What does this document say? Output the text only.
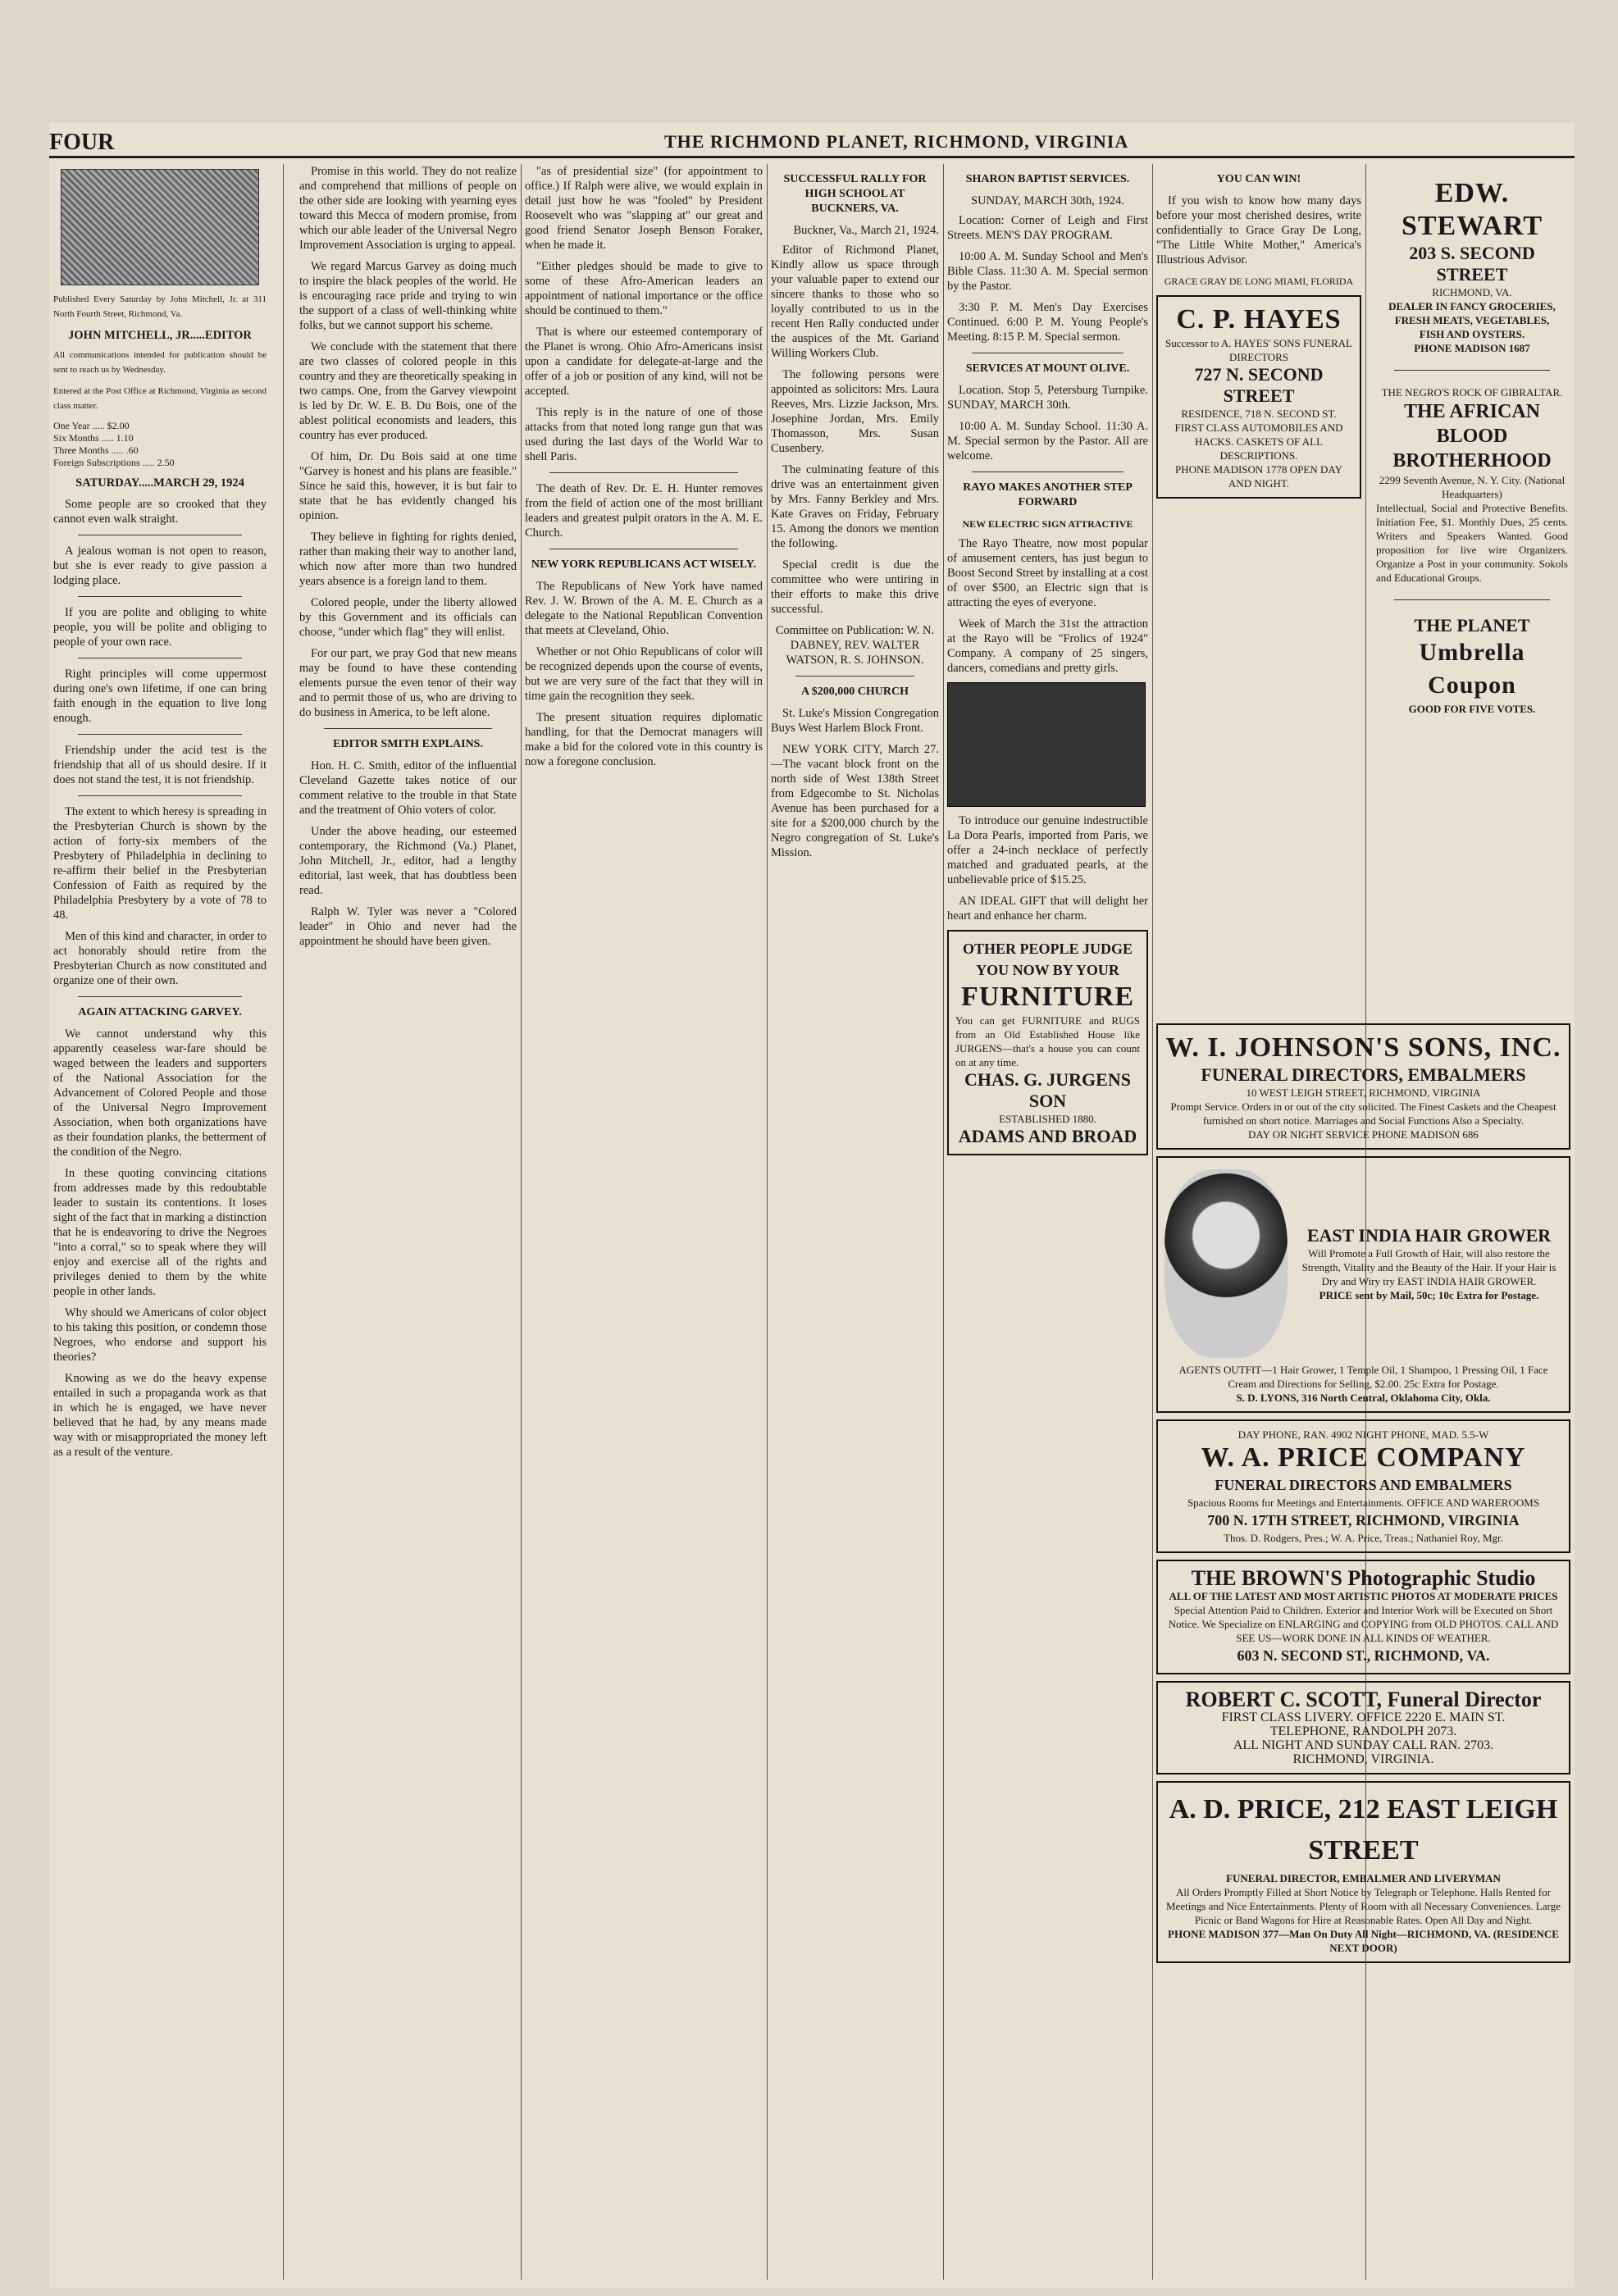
FOUR	THE RICHMOND PLANET, RICHMOND, VIRGINIA

Published Every Saturday by John Mitchell, Jr. at 311 North Fourth Street, Richmond, Va.

JOHN MITCHELL, JR.....EDITOR

All communications intended for publication should be sent to reach us by Wednesday.

Entered at the Post Office at Richmond, Virginia as second class matter.

One Year ..... $2.00
Six Months ..... 1.10
Three Months ..... .60
Foreign Subscriptions ..... 2.50
SATURDAY.....MARCH 29, 1924

Some people are so crooked that they cannot even walk straight.

A jealous woman is not open to reason, but she is ever ready to give passion a lodging place.

If you are polite and obliging to white people, you will be polite and obliging to people of your own race.

Right principles will come uppermost during one's own lifetime, if one can bring faith enough in the equation to live long enough.

Friendship under the acid test is the friendship that all of us should desire. If it does not stand the test, it is not friendship.

The extent to which heresy is spreading in the Presbyterian Church is shown by the action of forty-six members of the Presbytery of Philadelphia in declining to re-affirm their belief in the Presbyterian Confession of Faith as required by the Philadelphia Presbytery by a vote of 78 to 48.

Men of this kind and character, in order to act honorably should retire from the Presbyterian Church as now constituted and organize one of their own.

AGAIN ATTACKING GARVEY.

We cannot understand why this apparently ceaseless war-fare should be waged between the leaders and supporters of the National Association for the Advancement of Colored People and those of the Universal Negro Improvement Association, when both organizations have as their foundation planks, the betterment of the condition of the Negro.

In these quoting convincing citations from addresses made by this redoubtable leader to sustain its contentions. It loses sight of the fact that in marking a distinction that he is endeavoring to drive the Negroes "into a corral," so to speak where they will enjoy and exercise all of the rights and privileges denied to them by the white people in other lands.

Why should we Americans of color object to his taking this position, or condemn those Negroes, who endorse and support his theories?

Knowing as we do the heavy expense entailed in such a propaganda work as that in which he is engaged, we have never believed that he had, by any means made way with or misappropriated the money left as a result of the venture.

Promise in this world. They do not realize and comprehend that millions of people on the other side are looking with yearning eyes toward this Mecca of modern promise, from which our able leader of the Universal Negro Improvement Association is urging to appeal.

We regard Marcus Garvey as doing much to inspire the black peoples of the world. He is encouraging race pride and trying to win the support of a class of well-thinking white folks, but we cannot support his scheme.

We conclude with the statement that there are two classes of colored people in this country and they are theoretically speaking in two camps. One, from the Garvey viewpoint is led by Dr. W. E. B. Du Bois, one of the ablest political economists and leaders, this country has ever produced.

Of him, Dr. Du Bois said at one time "Garvey is honest and his plans are feasible." Since he said this, however, it is but fair to state that he has evidently changed his opinion.

They believe in fighting for rights denied, rather than making their way to another land, which now after more than two hundred years absence is a foreign land to them.

Colored people, under the liberty allowed by this Government and its officials can choose, "under which flag" they will enlist.

For our part, we pray God that new means may be found to have these contending elements pursue the even tenor of their way and to permit those of us, who are driving to do business in America, to be left alone.

EDITOR SMITH EXPLAINS.

Hon. H. C. Smith, editor of the influential Cleveland Gazette takes notice of our comment relative to the trouble in that State and the treatment of Ohio voters of color.

Under the above heading, our esteemed contemporary, the Richmond (Va.) Planet, John Mitchell, Jr., editor, had a lengthy editorial, last week, that has doubtless been read.

Ralph W. Tyler was never a "Colored leader" in Ohio and never had the appointment he should have been given.

"as of presidential size" (for appointment to office.) If Ralph were alive, we would explain in detail just how he was "fooled" by President Roosevelt who was "slapping at" our great and good friend Senator Joseph Benson Foraker, when he made it.

"Either pledges should be made to give to some of these Afro-American leaders an appointment of national importance or the office should be continued to them."

That is where our esteemed contemporary of the Planet is wrong. Ohio Afro-Americans insist upon a candidate for delegate-at-large and the offer of a job or position of any kind, will not be accepted.

This reply is in the nature of one of those attacks from that noted long range gun that was used during the last days of the World War to shell Paris.

The death of Rev. Dr. E. H. Hunter removes from the field of action one of the most brilliant leaders and greatest pulpit orators in the A. M. E. Church.

NEW YORK REPUBLICANS ACT WISELY.

The Republicans of New York have named Rev. J. W. Brown of the A. M. E. Church as a delegate to the National Republican Convention that meets at Cleveland, Ohio.

Whether or not Ohio Republicans of color will be recognized depends upon the course of events, but we are very sure of the fact that they will in time gain the recognition they seek.

The present situation requires diplomatic handling, for that the Democrat managers will make a bid for the colored vote in this country is now a foregone conclusion.

SUCCESSFUL RALLY FOR HIGH SCHOOL AT BUCKNERS, VA.
Buckner, Va., March 21, 1924.

Editor of Richmond Planet, Kindly allow us space through your valuable paper to extend our sincere thanks to those who so loyally contributed to us in the recent Hen Rally conducted under the auspices of the Mt. Gariand Willing Workers Club.

The following persons were appointed as solicitors: Mrs. Laura Reeves, Mrs. Lizzie Jackson, Mrs. Josephine Jordan, Mrs. Emily Thomasson, Mrs. Susan Cusenbery.

The culminating feature of this drive was an entertainment given by Mrs. Fanny Berkley and Mrs. Kate Graves on Friday, February 15. Among the donors we mention the following.

Special credit is due the committee who were untiring in their efforts to make this drive successful.

Committee on Publication: W. N. DABNEY, REV. WALTER WATSON, R. S. JOHNSON.

A $200,000 CHURCH

St. Luke's Mission Congregation Buys West Harlem Block Front.

NEW YORK CITY, March 27.—The vacant block front on the north side of West 138th Street from Edgecombe to St. Nicholas Avenue has been purchased for a site for a $200,000 church by the Negro congregation of St. Luke's Mission.

SHARON BAPTIST SERVICES.
SUNDAY, MARCH 30th, 1924.

Location: Corner of Leigh and First Streets. MEN'S DAY PROGRAM.

10:00 A. M. Sunday School and Men's Bible Class. 11:30 A. M. Special sermon by the Pastor.

3:30 P. M. Men's Day Exercises Continued. 6:00 P. M. Young People's Meeting. 8:15 P. M. Special sermon.

SERVICES AT MOUNT OLIVE.

Location. Stop 5, Petersburg Turnpike. SUNDAY, MARCH 30th.

10:00 A. M. Sunday School. 11:30 A. M. Special sermon by the Pastor. All are welcome.

RAYO MAKES ANOTHER STEP FORWARD
NEW ELECTRIC SIGN ATTRACTIVE

The Rayo Theatre, now most popular of amusement centers, has just begun to Boost Second Street by installing at a cost of over $500, an Electric sign that is attracting the eyes of everyone.

Week of March the 31st the attraction at the Rayo will be "Frolics of 1924" Company. A company of 25 singers, dancers, comedians and pretty girls.

To introduce our genuine indestructible La Dora Pearls, imported from Paris, we offer a 24-inch necklace of perfectly matched and graduated pearls, at the unbelievable price of $15.25.

AN IDEAL GIFT that will delight her heart and enhance her charm.

OTHER PEOPLE JUDGE YOU NOW BY YOUR
FURNITURE
You can get FURNITURE and RUGS from an Old Established House like JURGENS—that's a house you can count on at any time.
CHAS. G. JURGENS SON
ESTABLISHED 1880.
ADAMS AND BROAD
YOU CAN WIN!

If you wish to know how many days before your most cherished desires, write confidentially to Grace Gray De Long, "The Little White Mother," America's Illustrious Advisor.

GRACE GRAY DE LONG MIAMI, FLORIDA
C. P. HAYES
Successor to A. HAYES' SONS FUNERAL DIRECTORS
727 N. SECOND STREET
RESIDENCE, 718 N. SECOND ST.
FIRST CLASS AUTOMOBILES AND HACKS. CASKETS OF ALL DESCRIPTIONS.
PHONE MADISON 1778 OPEN DAY AND NIGHT.
W. I. JOHNSON'S SONS, INC.
FUNERAL DIRECTORS, EMBALMERS
10 WEST LEIGH STREET, RICHMOND, VIRGINIA
Prompt Service. Orders in or out of the city solicited. The Finest Caskets and the Cheapest furnished on short notice. Marriages and Social Functions Also a Specialty.
DAY OR NIGHT SERVICE PHONE MADISON 686
EAST INDIA HAIR GROWER
Will Promote a Full Growth of Hair, will also restore the Strength, Vitality and the Beauty of the Hair. If your Hair is Dry and Wiry try EAST INDIA HAIR GROWER.
PRICE sent by Mail, 50c; 10c Extra for Postage.
AGENTS OUTFIT—1 Hair Grower, 1 Temple Oil, 1 Shampoo, 1 Pressing Oil, 1 Face Cream and Directions for Selling, $2.00. 25c Extra for Postage.
S. D. LYONS, 316 North Central, Oklahoma City, Okla.
DAY PHONE, RAN. 4902 NIGHT PHONE, MAD. 5.5-W
W. A. PRICE COMPANY
FUNERAL DIRECTORS AND EMBALMERS
Spacious Rooms for Meetings and Entertainments. OFFICE AND WAREROOMS
700 N. 17TH STREET, RICHMOND, VIRGINIA
Thos. D. Rodgers, Pres.; W. A. Price, Treas.; Nathaniel Roy, Mgr.
THE BROWN'S Photographic Studio
ALL OF THE LATEST AND MOST ARTISTIC PHOTOS AT MODERATE PRICES
Special Attention Paid to Children. Exterior and Interior Work will be Executed on Short Notice. We Specialize on ENLARGING and COPYING from OLD PHOTOS. CALL AND SEE US—WORK DONE IN ALL KINDS OF WEATHER.
603 N. SECOND ST., RICHMOND, VA.
ROBERT C. SCOTT, Funeral Director
FIRST CLASS LIVERY. OFFICE 2220 E. MAIN ST.
TELEPHONE, RANDOLPH 2073.
ALL NIGHT AND SUNDAY CALL RAN. 2703.
RICHMOND, VIRGINIA.
A. D. PRICE, 212 EAST LEIGH STREET
FUNERAL DIRECTOR, EMBALMER AND LIVERYMAN
All Orders Promptly Filled at Short Notice by Telegraph or Telephone. Halls Rented for Meetings and Nice Entertainments. Plenty of Room with all Necessary Conveniences. Large Picnic or Band Wagons for Hire at Reasonable Rates. Open All Day and Night.
PHONE MADISON 377—Man On Duty All Night—RICHMOND, VA. (RESIDENCE NEXT DOOR)
EDW. STEWART
203 S. SECOND STREET
RICHMOND, VA.
DEALER IN FANCY GROCERIES,
FRESH MEATS, VEGETABLES,
FISH AND OYSTERS.
PHONE MADISON 1687
THE NEGRO'S ROCK OF GIBRALTAR.
THE AFRICAN BLOOD BROTHERHOOD
2299 Seventh Avenue, N. Y. City. (National Headquarters)
Intellectual, Social and Protective Benefits. Initiation Fee, $1. Monthly Dues, 25 cents. Writers and Speakers Wanted. Good proposition for live wire Organizers. Organize a Post in your community. Sokols and Educational Groups.
THE PLANET
Umbrella Coupon
GOOD FOR FIVE VOTES.
